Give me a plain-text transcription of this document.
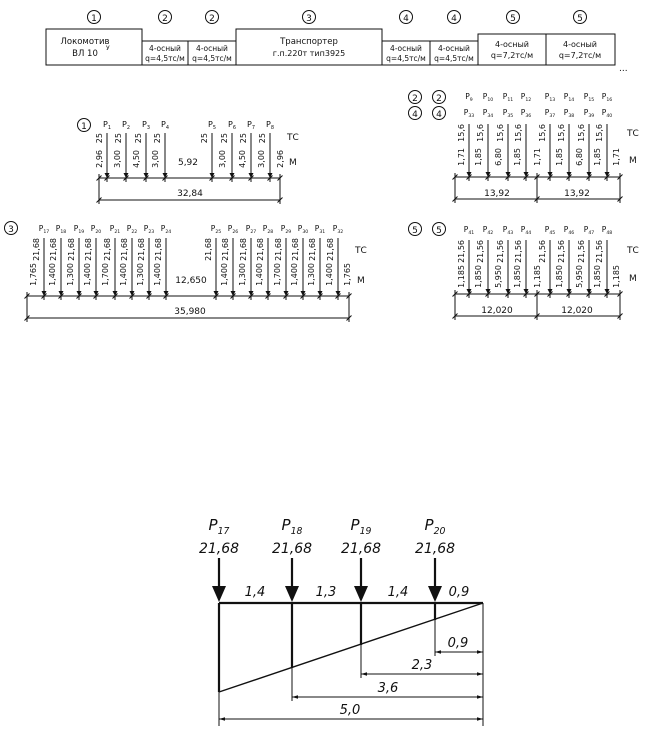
1	2	2	3	4	4	5	5
Локомотив
ВЛ 10
У	4-осный
q=4,5тс/м
4-осный
q=4,5тс/м
Транспортер
г.п.220т тип3925
4-осный
q=4,5тс/м
4-осный
q=4,5тс/м
4-осный
q=7,2тс/м
4-осный
q=7,2тс/м
...
1
ТС
М
5,92
32,84
$P_1$
25
$P_2$
25
$P_3$
25
$P_4$
25
$P_5$
25
$P_6$
25
$P_7$
25
$P_8$
25
2,96 3,00 4,50 3,00	3,00 4,50 3,00 2,96
2 2
4 4
ТС
М
13,92	13,92
$P_9$
$P_{33}$
15,6
$P_{10}$
$P_{34}$
15,6
$P_{11}$
$P_{35}$
15,6
$P_{12}$
$P_{36}$
15,6
$P_{13}$
$P_{37}$
15,6
$P_{14}$
$P_{38}$
15,6
$P_{15}$
$P_{39}$
15,6
$P_{16}$
$P_{40}$
15,6
1,71 1,85 6,80 1,85 1,71 1,85 6,80 1,85 1,71
3
ТС
М
12,650
35,980
$P_{17}$
21,68
$P_{18}$
21,68
$P_{19}$
21,68
$P_{20}$
21,68
$P_{21}$
21,68
$P_{22}$
21,68
$P_{23}$
21,68
$P_{24}$
21,68
$P_{25}$
21,68
$P_{26}$
21,68
$P_{27}$
21,68
$P_{28}$
21,68
$P_{29}$
21,68
$P_{30}$
21,68
$P_{31}$
21,68
$P_{32}$
21,68
1,765 1,400 1,300 1,400 1,700 1,400 1,300 1,400	1,400 1,300 1,400 1,700 1,400 1,300 1,400 1,765
5 5
ТС
М
12,020	12,020
$P_{41}$
21,56
$P_{42}$
21,56
$P_{43}$
21,56
$P_{44}$
21,56
$P_{45}$
21,56
$P_{46}$
21,56
$P_{47}$
21,56
$P_{48}$
21,56
1,185 1,850 5,950 1,850 1,185 1,850 5,950 1,850 1,185
$P_{17}$
21,68
$P_{18}$
21,68
$P_{19}$
21,68
$P_{20}$
21,68
1,4	1,3	1,4	0,9
0,9
2,3
3,6
5,0
